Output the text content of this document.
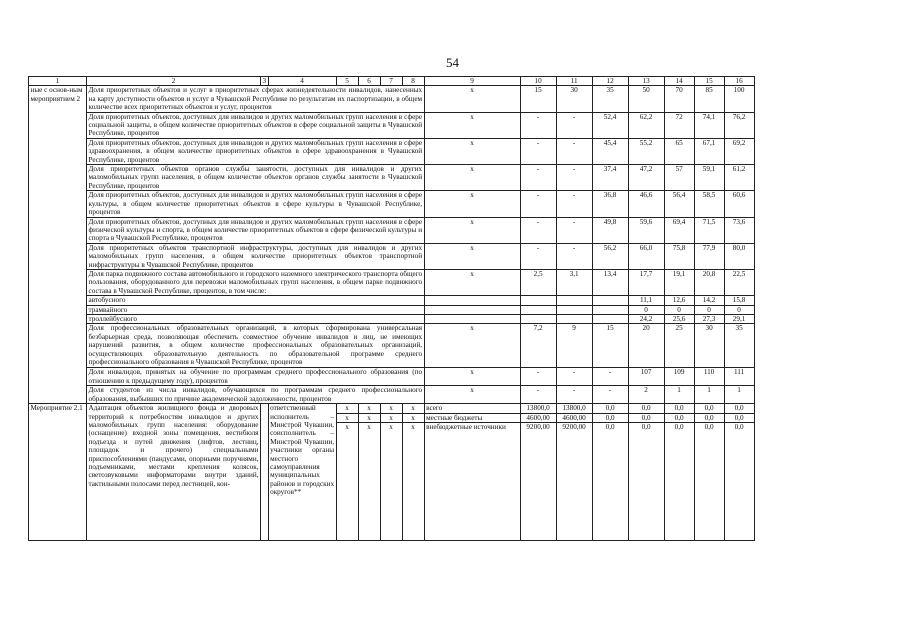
54
1	2	3	4	5	6	7	8	9	10	11	12	13	14	15	16
ные с основ-ным мероприятием 2	Доля приоритетных объектов и услуг в приоритетных сферах жизнедеятельности инвалидов, нанесенных на карту доступности объектов и услуг в Чувашской Республике по результатам их паспортизации, в общем количестве всех приоритетных объектов и услуг, процентов							x	15	30	35	50	70	85	100
	Доля приоритетных объектов, доступных для инвалидов и других маломобильных групп населения в сфере социальной защиты, в общем количестве приоритетных объектов в сфере социальной защиты в Чувашской Республике, процентов							x	-	-	52,4	62,2	72	74,1	76,2
	Доля приоритетных объектов, доступных для инвалидов и других маломобильных групп населения в сфере здравоохранения, в общем количестве приоритетных объектов в сфере здравоохранения в Чувашской Республике, процентов							x	-	-	45,4	55,2	65	67,1	69,2
	Доля приоритетных объектов органов службы занятости, доступных для инвалидов и других маломобильных групп населения, в общем количестве объектов органов службы занятости в Чувашской Республике, процентов							x	-	-	37,4	47,2	57	59,1	61,2
	Доля приоритетных объектов, доступных для инвалидов и других маломобильных групп населения в сфере культуры, в общем количестве приоритетных объектов в сфере культуры в Чувашской Республике, процентов							x	-	-	36,8	46,6	56,4	58,5	60,6
	Доля приоритетных объектов, доступных для инвалидов и других маломобильных групп населения в сфере физической культуры и спорта, в общем количестве приоритетных объектов в сфере физической культуры и спорта в Чувашской Республике, процентов							x	-	-	49,8	59,6	69,4	71,5	73,6
	Доля приоритетных объектов транспортной инфраструктуры, доступных для инвалидов и других маломобильных групп населения, в общем количестве приоритетных объектов транспортной инфраструктуры в Чувашской Республике, процентов							x	-	-	56,2	66,0	75,8	77,9	80,0
	Доля парка подвижного состава автомобильного и городского наземного электрического транспорта общего пользования, оборудованного для перевозки маломобильных групп населения, в общем парке подвижного состава в Чувашской Республике, процентов, в том числе:							x	2,5	3,1	13,4	17,7	19,1	20,8	22,5
	автобусного											11,1	12,6	14,2	15,8
	трамвайного											0	0	0	0
	троллейбусного											24,2	25,6	27,3	29,1
	Доля профессиональных образовательных организаций, в которых сформирована универсальная безбарьерная среда, позволяющая обеспечить совместное обучение инвалидов и лиц, не имеющих нарушений развития, в общем количестве профессиональных образовательных организаций, осуществляющих образовательную деятельность по образовательной программе среднего профессионального образования в Чувашской Республике, процентов							x	7,2	9	15	20	25	30	35
	Доля инвалидов, принятых на обучение по программам среднего профессионального образования (по отношению к предыдущему году), процентов							x	-	-	-	107	109	110	111
	Доля студентов из числа инвалидов, обучающихся по программам среднего профессионального образования, выбывших по причине академической задолженности, процентов							x	-	-	-	2	1	1	1
Мероприятие 2.1	Адаптация объектов жилищного фонда и дворовых территорий к потребностям инвалидов и других маломобильных групп населения: оборудование (оснащение) входной зоны помещения, вестибюля подъезда и путей движения (лифтов, лестниц, площадок и прочего) специальными приспособлениями (пандусами, опорными поручнями, подъемниками, местами крепления колясок, светозвуковыми информаторами внутри зданий, тактильными полосами перед лестницей, кон-		ответственный исполнитель – Минстрой Чувашии, соисполнитель – Минстрой Чувашии, участники органы местного самоуправления муниципальных районов и городских округов**	x	x	x	x	всего	13800,0	13800,0	0,0	0,0	0,0	0,0	0,0
				x	x	x	x	местные бюджеты	4600,00	4600,00	0,0	0,0	0,0	0,0	0,0
				x	x	x	x	внебюджетные источники	9200,00	9200,00	0,0	0,0	0,0	0,0	0,0
